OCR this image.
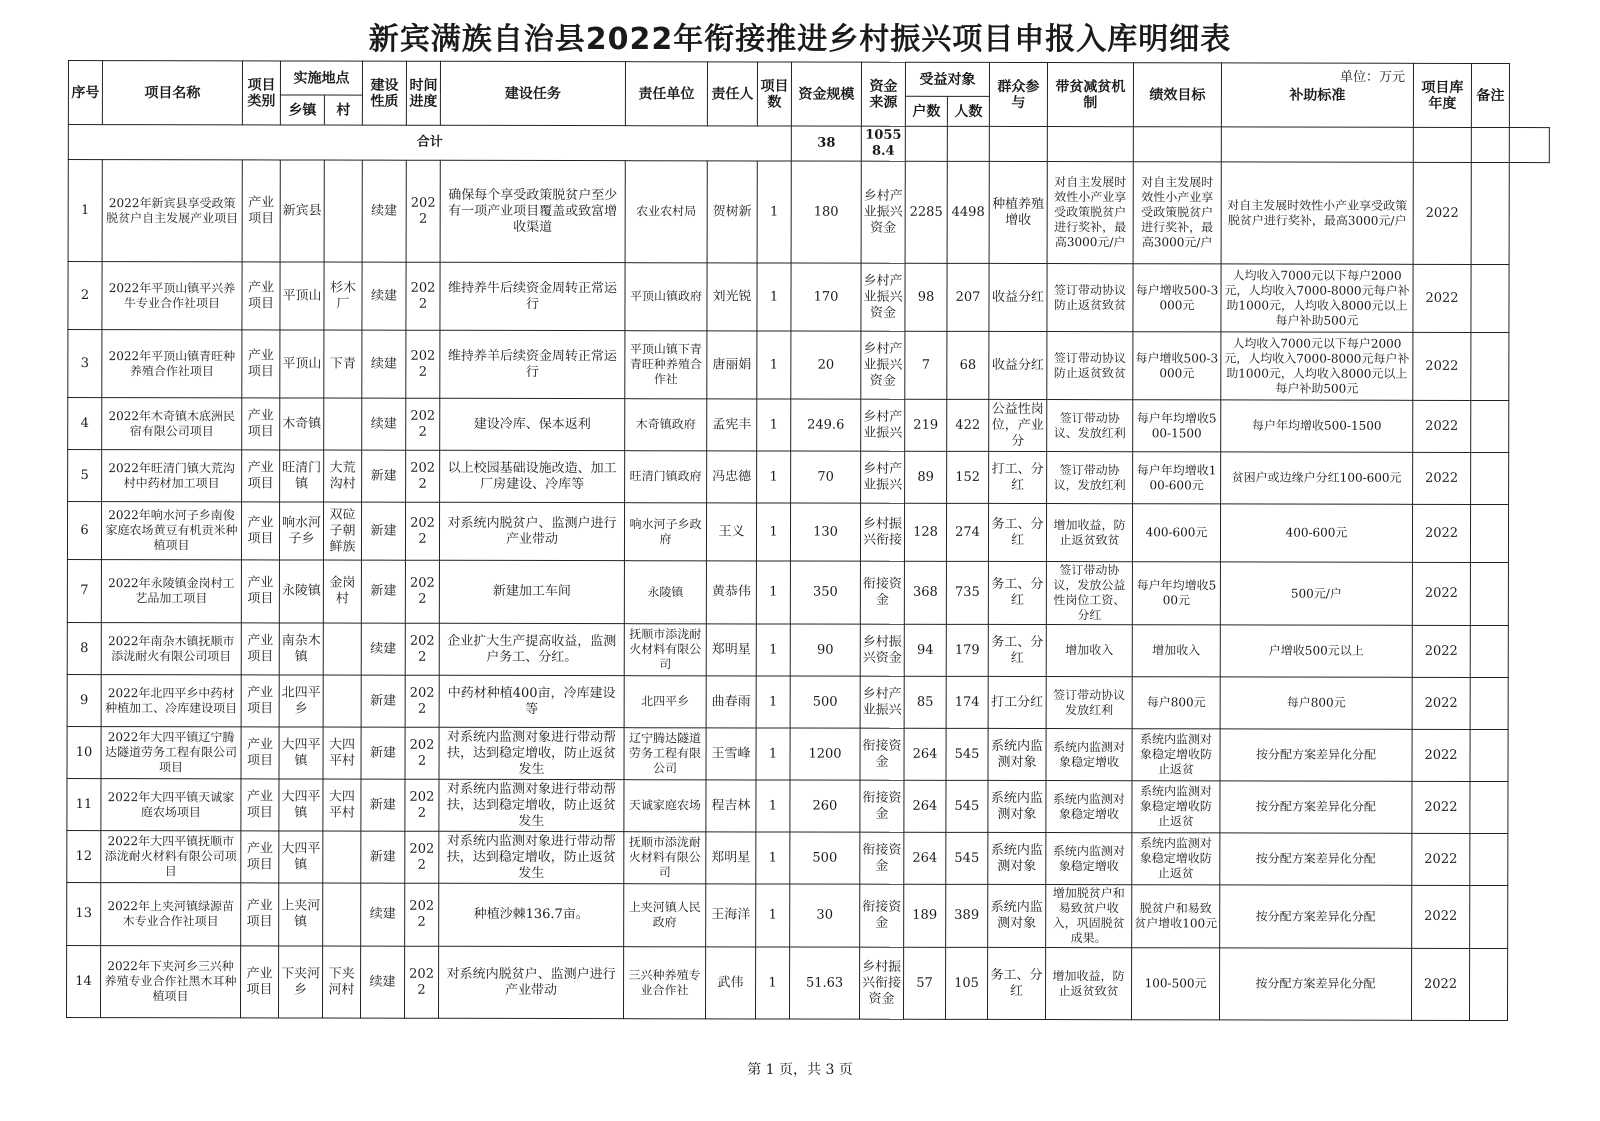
新宾满族自治县2022年衔接推进乡村振兴项目申报入库明细表
单位：万元
序号	项目名称	项目类别	实施地点		建设性质	时间进度	建设任务	责任单位	责任人	项目数	资金规模	资金来源	受益对象		群众参与	带贫减贫机制	绩效目标	补助标准	项目库年度	备注	
			乡镇	村									户数	人数							
合计											38	10558.4									
1	2022年新宾县享受政策脱贫户自主发展产业项目	产业项目	新宾县		续建	2022	确保每个享受政策脱贫户至少有一项产业项目覆盖或致富增收渠道	农业农村局	贺树新	1	180	乡村产业振兴资金	2285	4498	种植养殖增收	对自主发展时效性小产业享受政策脱贫户进行奖补，最高3000元/户	对自主发展时效性小产业享受政策脱贫户进行奖补，最高3000元/户	对自主发展时效性小产业享受政策脱贫户进行奖补，最高3000元/户	2022		
2	2022年平顶山镇平兴养牛专业合作社项目	产业项目	平顶山	杉木厂	续建	2022	维持养牛后续资金周转正常运行	平顶山镇政府	刘光锐	1	170	乡村产业振兴资金	98	207	收益分红	签订带动协议防止返贫致贫	每户增收500-3000元	人均收入7000元以下每户2000元，人均收入7000-8000元每户补助1000元，人均收入8000元以上每户补助500元	2022		
3	2022年平顶山镇青旺种养殖合作社项目	产业项目	平顶山	下青	续建	2022	维持养羊后续资金周转正常运行	平顶山镇下青青旺种养殖合作社	唐丽娟	1	20	乡村产业振兴资金	7	68	收益分红	签订带动协议防止返贫致贫	每户增收500-3000元	人均收入7000元以下每户2000元，人均收入7000-8000元每户补助1000元，人均收入8000元以上每户补助500元	2022		
4	2022年木奇镇木底洲民宿有限公司项目	产业项目	木奇镇		续建	2022	建设冷库、保本返利	木奇镇政府	孟宪丰	1	249.6	乡村产业振兴	219	422	公益性岗位，产业分	签订带动协议、发放红利	每户年均增收500-1500	每户年均增收500-1500	2022		
5	2022年旺清门镇大荒沟村中药材加工项目	产业项目	旺清门镇	大荒沟村	新建	2022	以上校园基础设施改造、加工厂房建设、冷库等	旺清门镇政府	冯忠德	1	70	乡村产业振兴	89	152	打工、分红	签订带动协议，发放红利	每户年均增收100-600元	贫困户或边缘户分红100-600元	2022		
6	2022年响水河子乡南俊家庭农场黄豆有机贡米种植项目	产业项目	响水河子乡	双砬子朝鲜族	新建	2022	对系统内脱贫户、监测户进行产业带动	响水河子乡政府	王义	1	130	乡村振兴衔接	128	274	务工、分红	增加收益，防止返贫致贫	400-600元	400-600元	2022		
7	2022年永陵镇金岗村工艺品加工项目	产业项目	永陵镇	金岗村	新建	2022	新建加工车间	永陵镇	黄恭伟	1	350	衔接资金	368	735	务工、分红	签订带动协议，发放公益性岗位工资、分红	每户年均增收500元	500元/户	2022		
8	2022年南杂木镇抚顺市添泷耐火有限公司项目	产业项目	南杂木镇		续建	2022	企业扩大生产提高收益，监测户务工、分红。	抚顺市添泷耐火材料有限公司	郑明星	1	90	乡村振兴资金	94	179	务工、分红	增加收入	增加收入	户增收500元以上	2022		
9	2022年北四平乡中药材种植加工、冷库建设项目	产业项目	北四平乡		新建	2022	中药材种植400亩，冷库建设等	北四平乡	曲春雨	1	500	乡村产业振兴	85	174	打工分红	签订带动协议发放红利	每户800元	每户800元	2022		
10	2022年大四平镇辽宁腾达隧道劳务工程有限公司项目	产业项目	大四平镇	大四平村	新建	2022	对系统内监测对象进行带动帮扶，达到稳定增收，防止返贫发生	辽宁腾达隧道劳务工程有限公司	王雪峰	1	1200	衔接资金	264	545	系统内监测对象	系统内监测对象稳定增收	系统内监测对象稳定增收防止返贫	按分配方案差异化分配	2022		
11	2022年大四平镇天诚家庭农场项目	产业项目	大四平镇	大四平村	新建	2022	对系统内监测对象进行带动帮扶，达到稳定增收，防止返贫发生	天诚家庭农场	程吉林	1	260	衔接资金	264	545	系统内监测对象	系统内监测对象稳定增收	系统内监测对象稳定增收防止返贫	按分配方案差异化分配	2022		
12	2022年大四平镇抚顺市添泷耐火材料有限公司项目	产业项目	大四平镇		新建	2022	对系统内监测对象进行带动帮扶，达到稳定增收，防止返贫发生	抚顺市添泷耐火材料有限公司	郑明星	1	500	衔接资金	264	545	系统内监测对象	系统内监测对象稳定增收	系统内监测对象稳定增收防止返贫	按分配方案差异化分配	2022		
13	2022年上夹河镇绿源苗木专业合作社项目	产业项目	上夹河镇		续建	2022	种植沙棘136.7亩。	上夹河镇人民政府	王海洋	1	30	衔接资金	189	389	系统内监测对象	增加脱贫户和易致贫户收入，巩固脱贫成果。	脱贫户和易致贫户增收100元	按分配方案差异化分配	2022		
14	2022年下夹河乡三兴种养殖专业合作社黑木耳种植项目	产业项目	下夹河乡	下夹河村	续建	2022	对系统内脱贫户、监测户进行产业带动	三兴种养殖专业合作社	武伟	1	51.63	乡村振兴衔接资金	57	105	务工、分红	增加收益，防止返贫致贫	100-500元	按分配方案差异化分配	2022		
第 1 页，共 3 页
